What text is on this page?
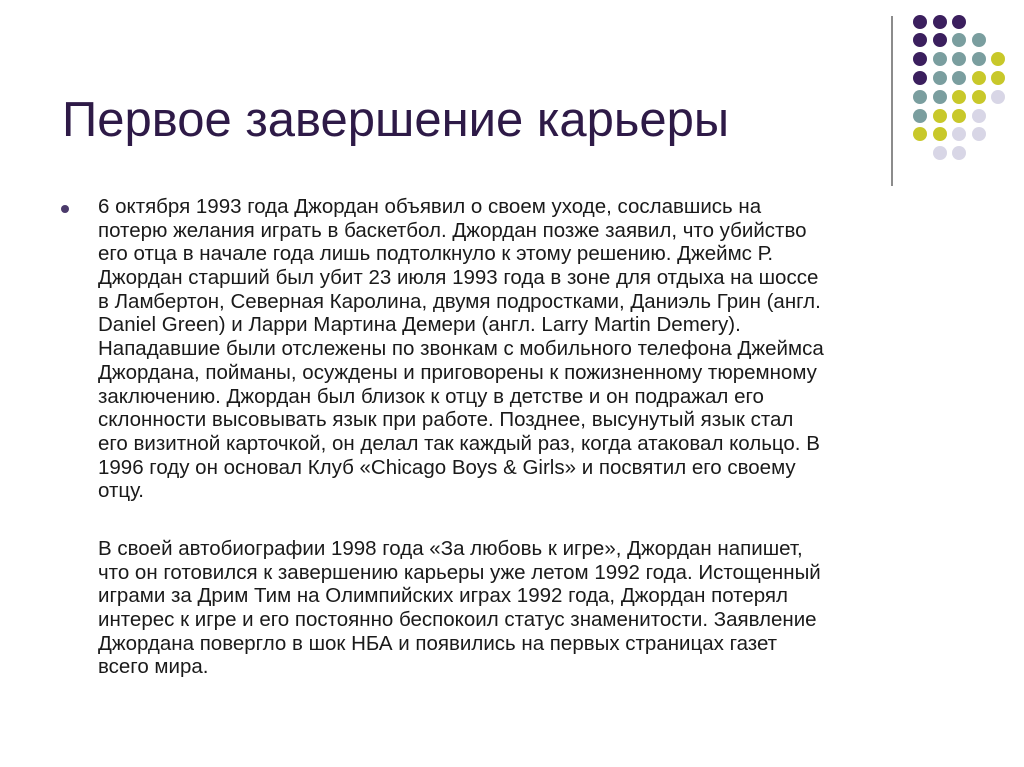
Первое завершение карьеры
6 октября 1993 года Джордан объявил о своем уходе, сославшись на
потерю желания играть в баскетбол. Джордан позже заявил, что убийство
его отца в начале года лишь подтолкнуло к этому решению. Джеймс Р.
Джордан старший был убит 23 июля 1993 года в зоне для отдыха на шоссе
в Ламбертон, Северная Каролина, двумя подростками, Даниэль Грин (англ.
Daniel Green) и Ларри Мартина Демери (англ. Larry Martin Demery).
Нападавшие были отслежены по звонкам с мобильного телефона Джеймса
Джордана, пойманы, осуждены и приговорены к пожизненному тюремному
заключению. Джордан был близок к отцу в детстве и он подражал его
склонности высовывать язык при работе. Позднее, высунутый язык стал
его визитной карточкой, он делал так каждый раз, когда атаковал кольцо. В
1996 году он основал Клуб «Chicago Boys & Girls» и посвятил его своему
отцу.
В своей автобиографии 1998 года «За любовь к игре», Джордан напишет,
что он готовился к завершению карьеры уже летом 1992 года. Истощенный
играми за Дрим Тим на Олимпийских играх 1992 года, Джордан потерял
интерес к игре и его постоянно беспокоил статус знаменитости. Заявление
Джордана повергло в шок НБА и появились на первых страницах газет
всего мира.
